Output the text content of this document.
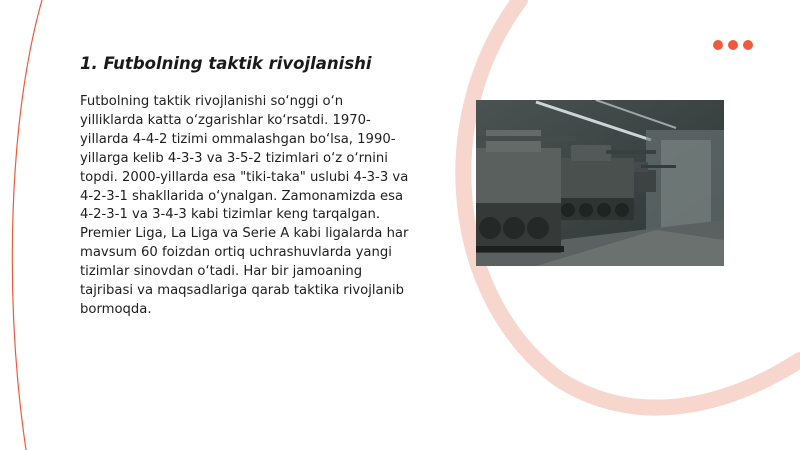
1. Futbolning taktik rivojlanishi

Futbolning taktik rivojlanishi so‘nggi o‘n yilliklarda katta o‘zgarishlar ko‘rsatdi. 1970-yillarda 4-4-2 tizimi ommalashgan bo‘lsa, 1990-yillarga kelib 4-3-3 va 3-5-2 tizimlari o‘z o‘rnini topdi. 2000-yillarda esa "tiki-taka" uslubi 4-3-3 va 4-2-3-1 shakllarida o‘ynalgan. Zamonamizda esa 4-2-3-1 va 3-4-3 kabi tizimlar keng tarqalgan. Premier Liga, La Liga va Serie A kabi ligalarda har mavsum 60 foizdan ortiq uchrashuvlarda yangi tizimlar sinovdan o‘tadi. Har bir jamoaning tajribasi va maqsadlariga qarab taktika rivojlanib bormoqda.
